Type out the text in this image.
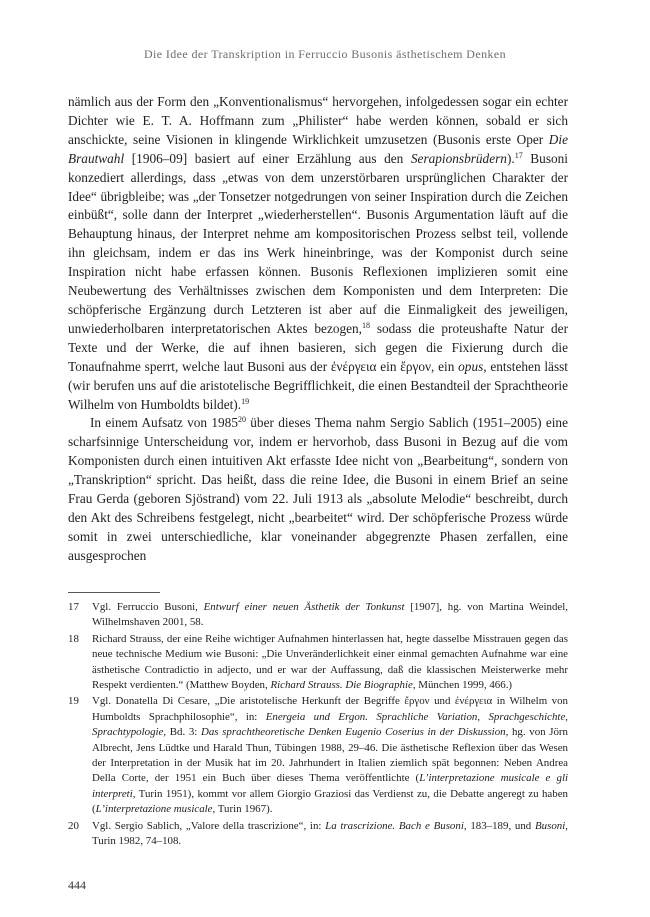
Die Idee der Transkription in Ferruccio Busonis ästhetischem Denken

nämlich aus der Form den „Konventionalismus“ hervorgehen, infolgedessen sogar ein echter Dichter wie E. T. A. Hoffmann zum „Philister“ habe werden können, sobald er sich anschickte, seine Visionen in klingende Wirklichkeit umzusetzen (Busonis erste Oper Die Brautwahl [1906–09] basiert auf einer Erzählung aus den Serapionsbrüdern).$^{17}$ Busoni konzediert allerdings, dass „etwas von dem unzerstörbaren ursprünglichen Charakter der Idee“ übrigbleibe; was „der Tonsetzer notgedrungen von seiner Inspiration durch die Zeichen einbüßt“, solle dann der Interpret „wiederherstellen“. Busonis Argumentation läuft auf die Behauptung hinaus, der Interpret nehme am kompositorischen Prozess selbst teil, vollende ihn gleichsam, indem er das ins Werk hineinbringe, was der Komponist durch seine Inspiration nicht habe erfassen können. Busonis Reflexionen implizieren somit eine Neubewertung des Verhältnisses zwischen dem Komponisten und dem Interpreten: Die schöpferische Ergänzung durch Letzteren ist aber auf die Einmaligkeit des jeweiligen, unwiederholbaren interpretatorischen Aktes bezogen,$^{18}$ sodass die proteushafte Natur der Texte und der Werke, die auf ihnen basieren, sich gegen die Fixierung durch die Tonaufnahme sperrt, welche laut Busoni aus der ἐνέργεια ein ἔργον, ein opus, entstehen lässt (wir berufen uns auf die aristotelische Begrifflichkeit, die einen Bestandteil der Sprachtheorie Wilhelm von Humboldts bildet).$^{19}$

In einem Aufsatz von 1985$^{20}$ über dieses Thema nahm Sergio Sablich (1951–2005) eine scharfsinnige Unterscheidung vor, indem er hervorhob, dass Busoni in Bezug auf die vom Komponisten durch einen intuitiven Akt erfasste Idee nicht von „Bearbeitung“, sondern von „Transkription“ spricht. Das heißt, dass die reine Idee, die Busoni in einem Brief an seine Frau Gerda (geboren Sjöstrand) vom 22. Juli 1913 als „absolute Melodie“ beschreibt, durch den Akt des Schreibens festgelegt, nicht „bearbeitet“ wird. Der schöpferische Prozess würde somit in zwei unterschiedliche, klar voneinander abgegrenzte Phasen zerfallen, eine ausgesprochen

17	Vgl. Ferruccio Busoni, Entwurf einer neuen Ästhetik der Tonkunst [1907], hg. von Martina Weindel, Wilhelmshaven 2001, 58.
18	Richard Strauss, der eine Reihe wichtiger Aufnahmen hinterlassen hat, hegte dasselbe Misstrauen gegen das neue technische Medium wie Busoni: „Die Unveränderlichkeit einer einmal gemachten Aufnahme war eine ästhetische Contradictio in adjecto, und er war der Auffassung, daß die klassischen Meisterwerke mehr Respekt verdienten.“ (Matthew Boyden, Richard Strauss. Die Biographie, München 1999, 466.)
19	Vgl. Donatella Di Cesare, „Die aristotelische Herkunft der Begriffe ἔργον und ἐνέργεια in Wilhelm von Humboldts Sprachphilosophie“, in: Energeia und Ergon. Sprachliche Variation, Sprachgeschichte, Sprachtypologie, Bd. 3: Das sprachtheoretische Denken Eugenio Coserius in der Diskussion, hg. von Jörn Albrecht, Jens Lüdtke und Harald Thun, Tübingen 1988, 29–46. Die ästhetische Reflexion über das Wesen der Interpretation in der Musik hat im 20. Jahrhundert in Italien ziemlich spät begonnen: Neben Andrea Della Corte, der 1951 ein Buch über dieses Thema veröffentlichte (L’interpretazione musicale e gli interpreti, Turin 1951), kommt vor allem Giorgio Graziosi das Verdienst zu, die Debatte angeregt zu haben (L’interpretazione musicale, Turin 1967).
20	Vgl. Sergio Sablich, „Valore della trascrizione“, in: La trascrizione. Bach e Busoni, 183–189, und Busoni, Turin 1982, 74–108.
444
